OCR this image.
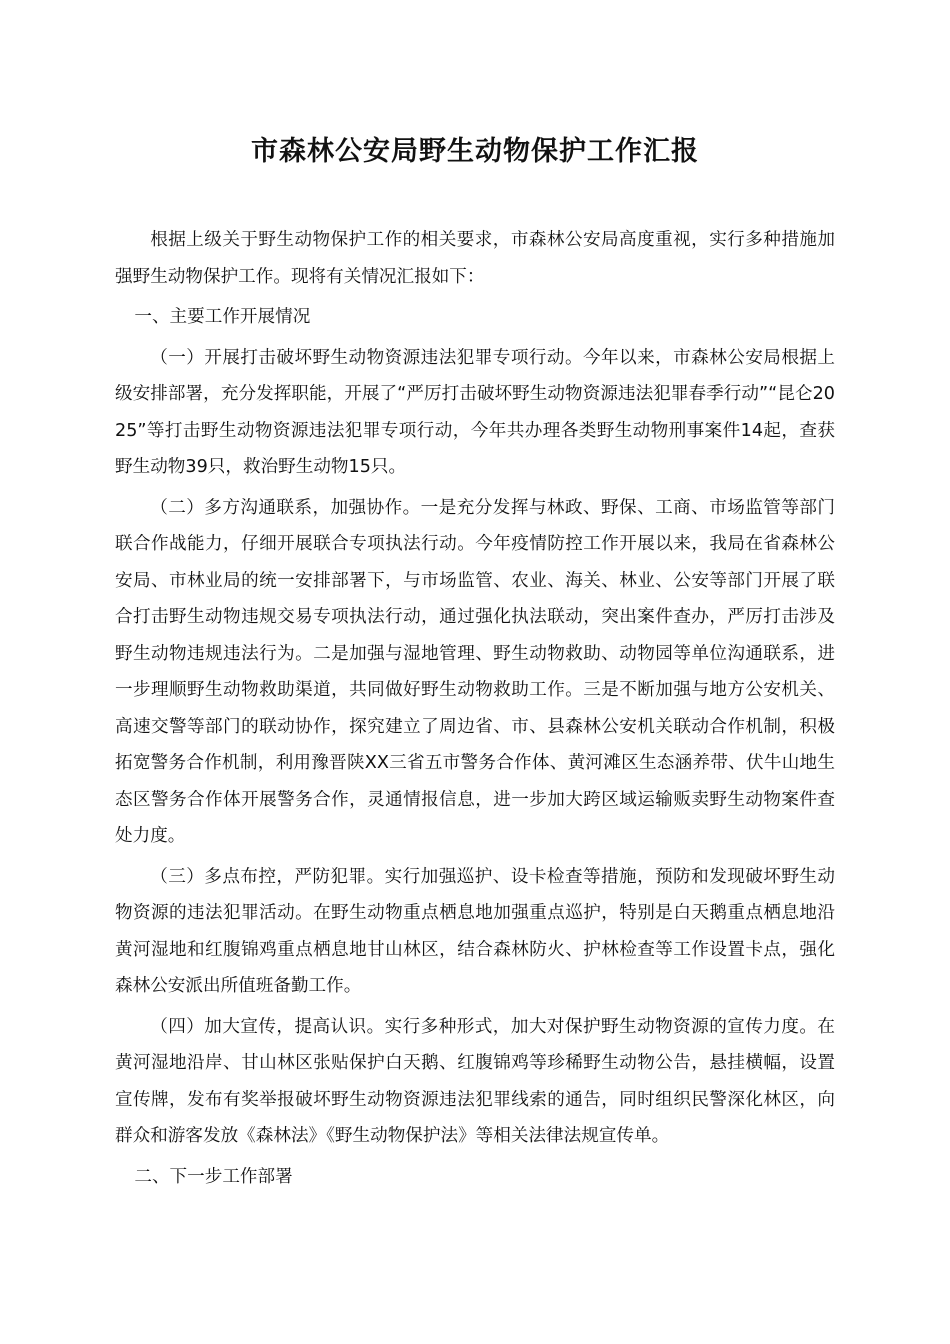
市森林公安局野生动物保护工作汇报

根据上级关于野生动物保护工作的相关要求，市森林公安局高度重视，实行多种措施加强野生动物保护工作。现将有关情况汇报如下：

一、主要工作开展情况

（一）开展打击破坏野生动物资源违法犯罪专项行动。今年以来，市森林公安局根据上级安排部署，充分发挥职能，开展了“严厉打击破坏野生动物资源违法犯罪春季行动”“昆仑2025”等打击野生动物资源违法犯罪专项行动，今年共办理各类野生动物刑事案件14起，查获野生动物39只，救治野生动物15只。

（二）多方沟通联系，加强协作。一是充分发挥与林政、野保、工商、市场监管等部门联合作战能力，仔细开展联合专项执法行动。今年疫情防控工作开展以来，我局在省森林公安局、市林业局的统一安排部署下，与市场监管、农业、海关、林业、公安等部门开展了联合打击野生动物违规交易专项执法行动，通过强化执法联动，突出案件查办，严厉打击涉及野生动物违规违法行为。二是加强与湿地管理、野生动物救助、动物园等单位沟通联系，进一步理顺野生动物救助渠道，共同做好野生动物救助工作。三是不断加强与地方公安机关、高速交警等部门的联动协作，探究建立了周边省、市、县森林公安机关联动合作机制，积极拓宽警务合作机制，利用豫晋陕XX三省五市警务合作体、黄河滩区生态涵养带、伏牛山地生态区警务合作体开展警务合作，灵通情报信息，进一步加大跨区域运输贩卖野生动物案件查处力度。

（三）多点布控，严防犯罪。实行加强巡护、设卡检查等措施，预防和发现破坏野生动物资源的违法犯罪活动。在野生动物重点栖息地加强重点巡护，特别是白天鹅重点栖息地沿黄河湿地和红腹锦鸡重点栖息地甘山林区，结合森林防火、护林检查等工作设置卡点，强化森林公安派出所值班备勤工作。

（四）加大宣传，提高认识。实行多种形式，加大对保护野生动物资源的宣传力度。在黄河湿地沿岸、甘山林区张贴保护白天鹅、红腹锦鸡等珍稀野生动物公告，悬挂横幅，设置宣传牌，发布有奖举报破坏野生动物资源违法犯罪线索的通告，同时组织民警深化林区，向群众和游客发放《森林法》《野生动物保护法》等相关法律法规宣传单。

二、下一步工作部署
